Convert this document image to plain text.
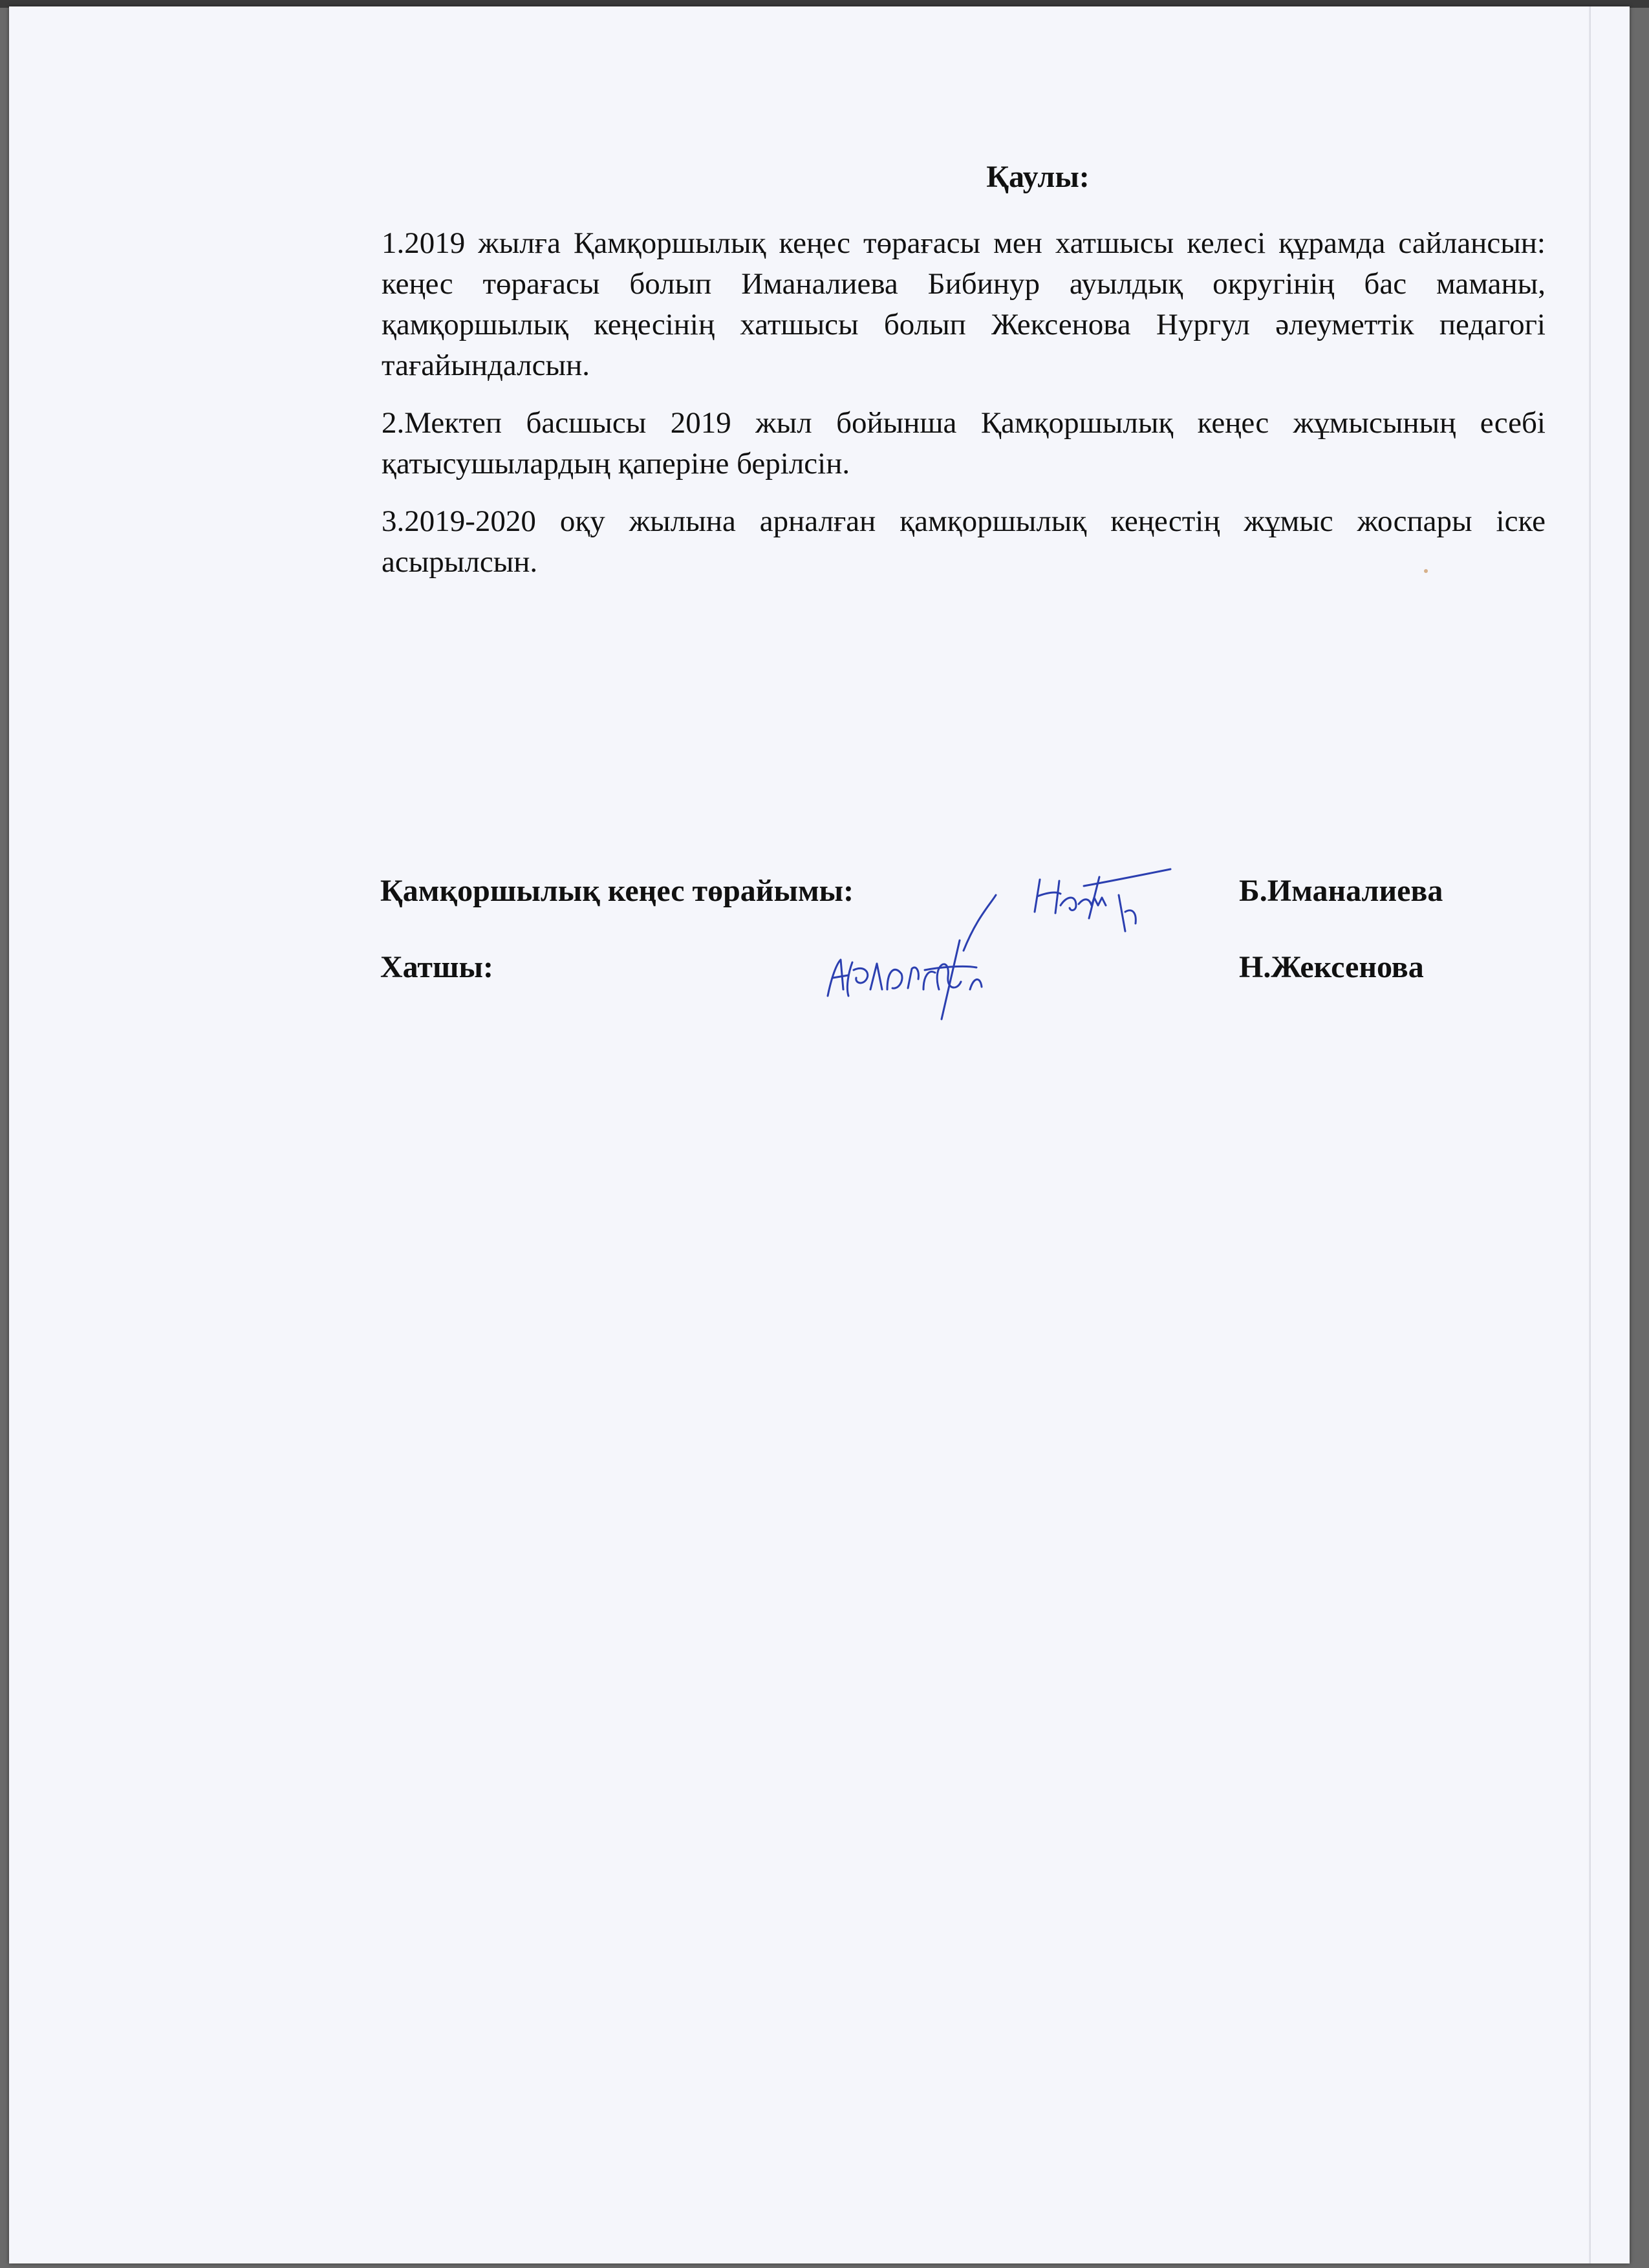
Қаулы:

1.2019 жылға Қамқоршылық кеңес төрағасы мен хатшысы келесі құрамда сайлансын: кеңес төрағасы болып Иманалиева Бибинур ауылдық округінің бас маманы, қамқоршылық кеңесінің хатшысы болып Жексенова Нургул әлеуметтік педагогі тағайындалсын.

2.Мектеп басшысы 2019 жыл бойынша Қамқоршылық кеңес жұмысының есебі қатысушылардың қаперіне берілсін.

3.2019-2020 оқу жылына арналған қамқоршылық кеңестің жұмыс жоспары іске асырылсын.

Қамқоршылық кеңес төрайымы:	Б.Иманалиева
Хатшы:	Н.Жексенова
